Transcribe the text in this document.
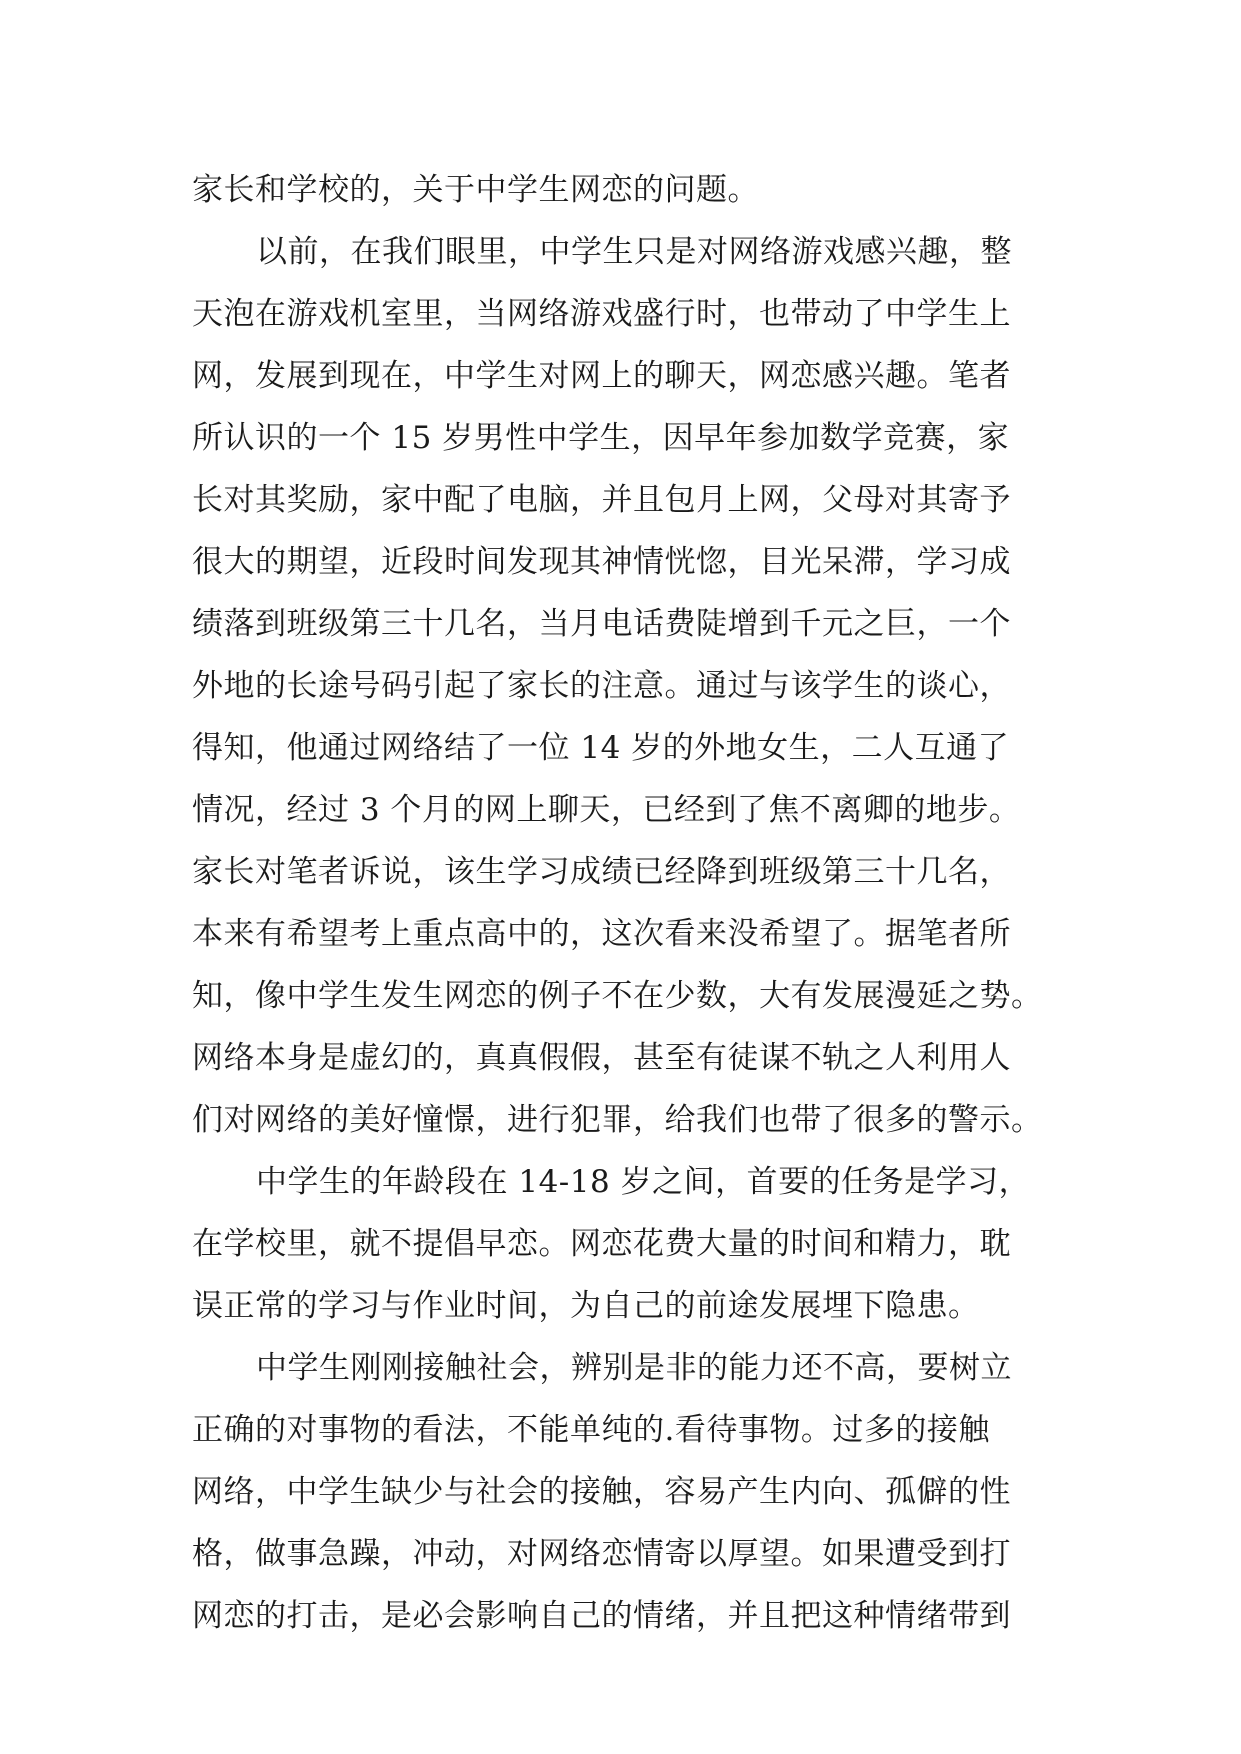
家长和学校的，关于中学生网恋的问题。
以前，在我们眼里，中学生只是对网络游戏感兴趣，整
天泡在游戏机室里，当网络游戏盛行时，也带动了中学生上
网，发展到现在，中学生对网上的聊天，网恋感兴趣。笔者
所认识的一个 15 岁男性中学生，因早年参加数学竞赛，家
长对其奖励，家中配了电脑，并且包月上网，父母对其寄予
很大的期望，近段时间发现其神情恍惚，目光呆滞，学习成
绩落到班级第三十几名，当月电话费陡增到千元之巨，一个
外地的长途号码引起了家长的注意。通过与该学生的谈心，
得知，他通过网络结了一位 14 岁的外地女生，二人互通了
情况，经过 3 个月的网上聊天，已经到了焦不离卿的地步。
家长对笔者诉说，该生学习成绩已经降到班级第三十几名，
本来有希望考上重点高中的，这次看来没希望了。据笔者所
知，像中学生发生网恋的例子不在少数，大有发展漫延之势。
网络本身是虚幻的，真真假假，甚至有徒谋不轨之人利用人
们对网络的美好憧憬，进行犯罪，给我们也带了很多的警示。
中学生的年龄段在 14-18 岁之间，首要的任务是学习，
在学校里，就不提倡早恋。网恋花费大量的时间和精力，耽
误正常的学习与作业时间，为自己的前途发展埋下隐患。
中学生刚刚接触社会，辨别是非的能力还不高，要树立
正确的对事物的看法，不能单纯的.看待事物。过多的接触
网络，中学生缺少与社会的接触，容易产生内向、孤僻的性
格，做事急躁，冲动，对网络恋情寄以厚望。如果遭受到打
网恋的打击，是必会影响自己的情绪，并且把这种情绪带到
